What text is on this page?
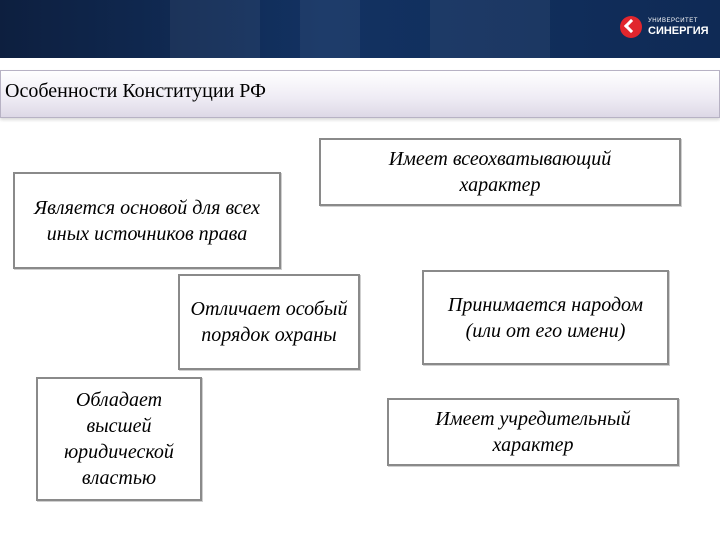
УНИВЕРСИТЕТ
СИНЕРГИЯ
Особенности Конституции РФ
Имеет всеохватывающий характер
Является основой для всех иных источников права
Отличает особый порядок охраны
Принимается народом (или от его имени)
Обладает высшей юридической властью
Имеет учредительный характер
